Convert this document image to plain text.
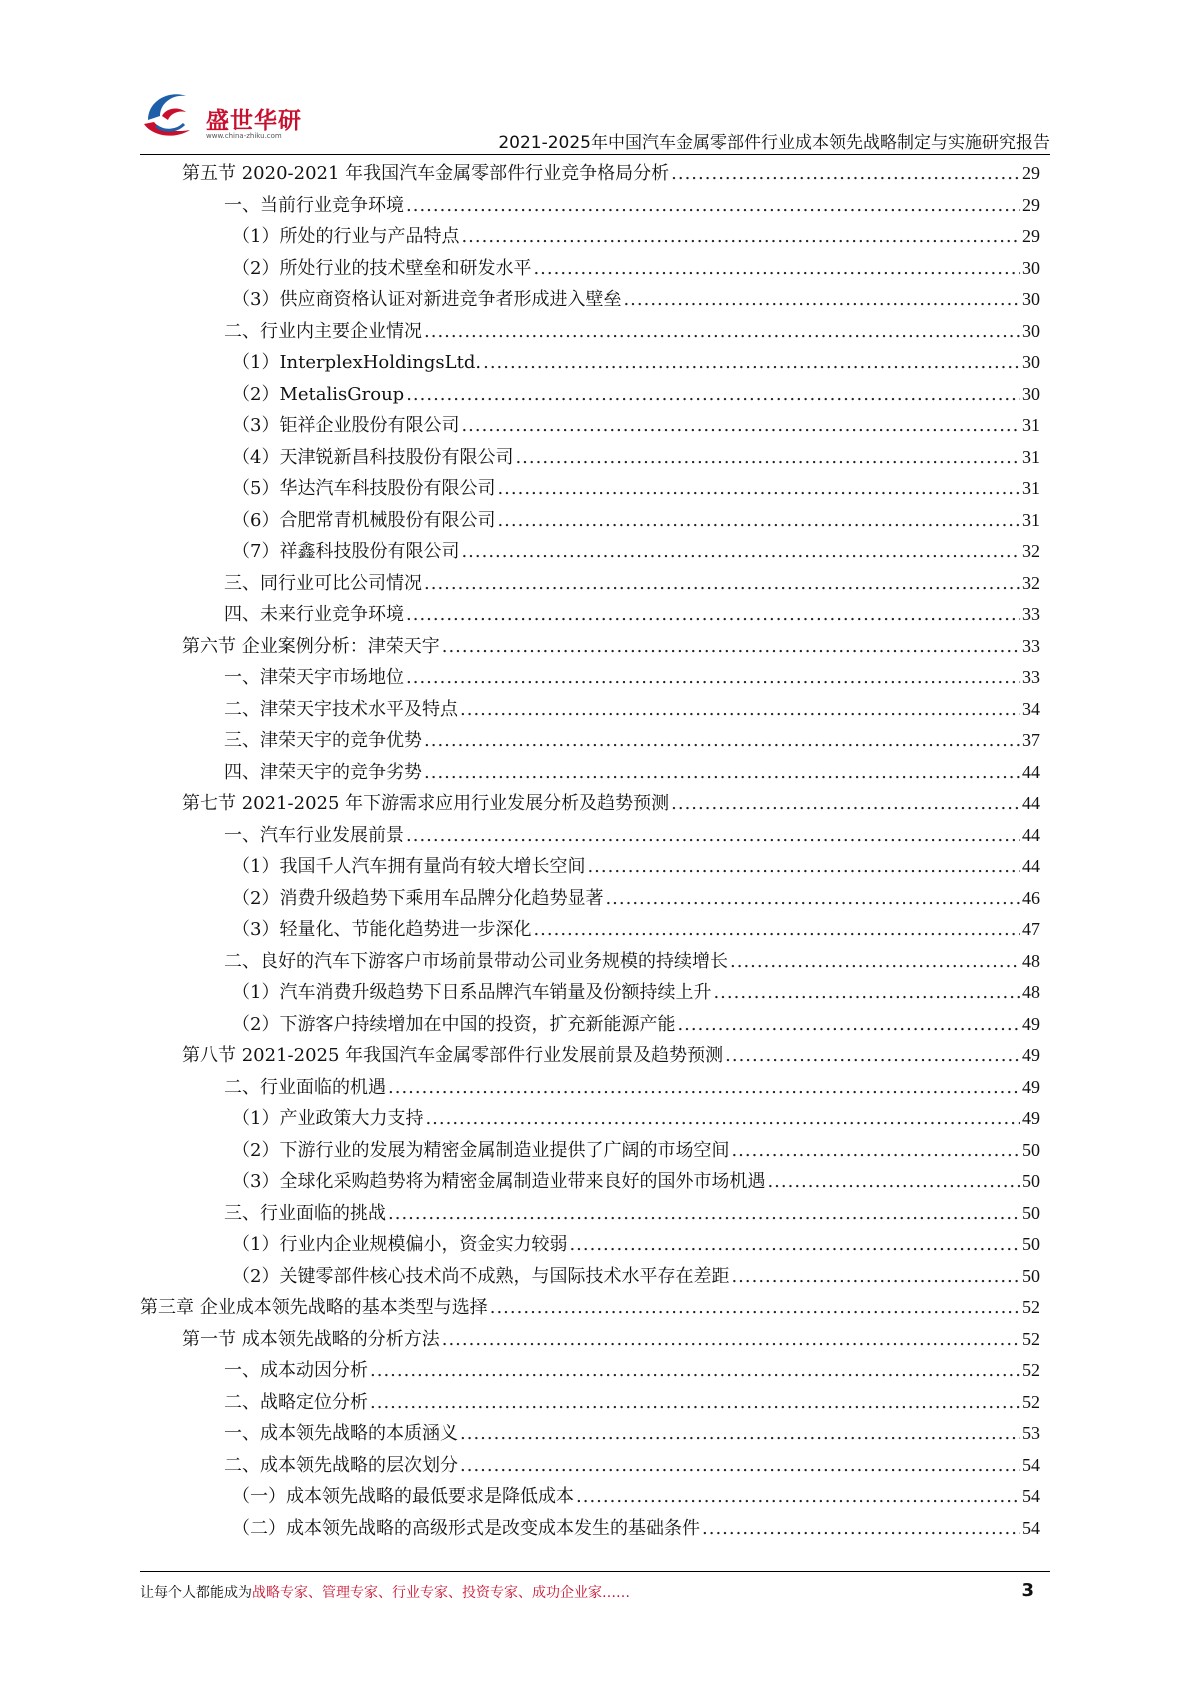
盛世华研
www.china-zhiku.com	2021-2025年中国汽车金属零部件行业成本领先战略制定与实施研究报告
第五节 2020-2021 年我国汽车金属零部件行业竞争格局分析 .....	29
一、当前行业竞争环境 .....	29
（1）所处的行业与产品特点 .....	29
（2）所处行业的技术壁垒和研发水平 .....	30
（3）供应商资格认证对新进竞争者形成进入壁垒 .....	30
二、行业内主要企业情况 .....	30
（1）InterplexHoldingsLtd. .....	30
（2）MetalisGroup .....	30
（3）钜祥企业股份有限公司 .....	31
（4）天津锐新昌科技股份有限公司 .....	31
（5）华达汽车科技股份有限公司 .....	31
（6）合肥常青机械股份有限公司 .....	31
（7）祥鑫科技股份有限公司 .....	32
三、同行业可比公司情况 .....	32
四、未来行业竞争环境 .....	33
第六节 企业案例分析：津荣天宇 .....	33
一、津荣天宇市场地位 .....	33
二、津荣天宇技术水平及特点 .....	34
三、津荣天宇的竞争优势 .....	37
四、津荣天宇的竞争劣势 .....	44
第七节 2021-2025 年下游需求应用行业发展分析及趋势预测 .....	44
一、汽车行业发展前景 .....	44
（1）我国千人汽车拥有量尚有较大增长空间 .....	44
（2）消费升级趋势下乘用车品牌分化趋势显著 .....	46
（3）轻量化、节能化趋势进一步深化 .....	47
二、良好的汽车下游客户市场前景带动公司业务规模的持续增长 .....	48
（1）汽车消费升级趋势下日系品牌汽车销量及份额持续上升 .....	48
（2）下游客户持续增加在中国的投资，扩充新能源产能 .....	49
第八节 2021-2025 年我国汽车金属零部件行业发展前景及趋势预测 .....	49
二、行业面临的机遇 .....	49
（1）产业政策大力支持 .....	49
（2）下游行业的发展为精密金属制造业提供了广阔的市场空间 .....	50
（3）全球化采购趋势将为精密金属制造业带来良好的国外市场机遇 .....	50
三、行业面临的挑战 .....	50
（1）行业内企业规模偏小，资金实力较弱 .....	50
（2）关键零部件核心技术尚不成熟，与国际技术水平存在差距 .....	50
第三章 企业成本领先战略的基本类型与选择 .....	52
第一节 成本领先战略的分析方法 .....	52
一、成本动因分析 .....	52
二、战略定位分析 .....	52
一、成本领先战略的本质涵义 .....	53
二、成本领先战略的层次划分 .....	54
（一）成本领先战略的最低要求是降低成本 .....	54
（二）成本领先战略的高级形式是改变成本发生的基础条件 .....	54
让每个人都能成为战略专家、管理专家、行业专家、投资专家、成功企业家……	3
